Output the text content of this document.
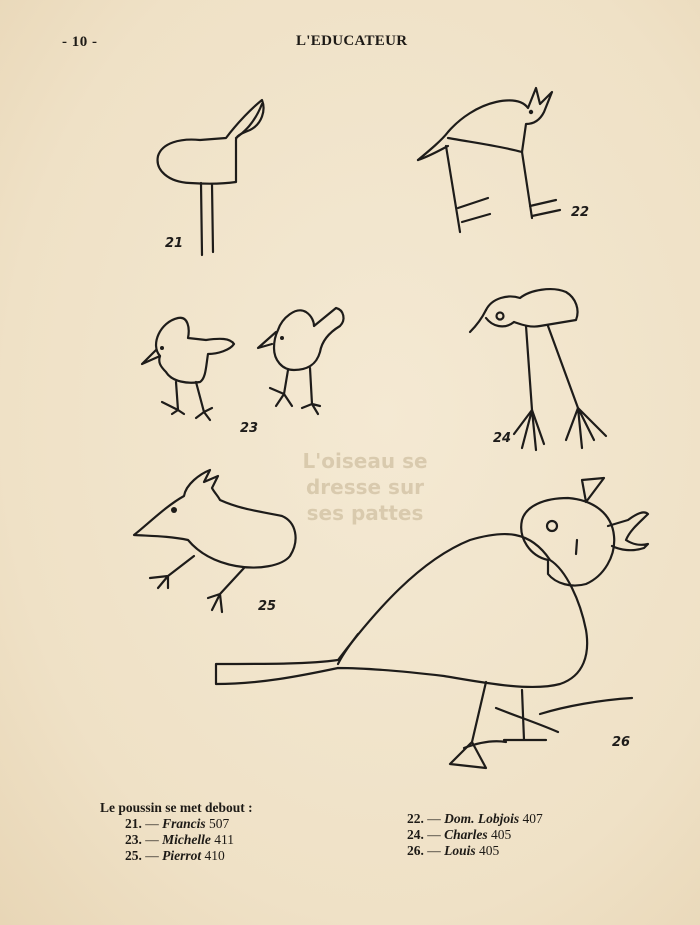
- 10 -	L'EDUCATEUR
L'oiseau se dresse sur ses pattes
21
22
23
24
25
26
Le poussin se met debout :
21. — Francis 507
23. — Michelle 411
25. — Pierrot 410
22. — Dom. Lobjois 407
24. — Charles 405
26. — Louis 405
